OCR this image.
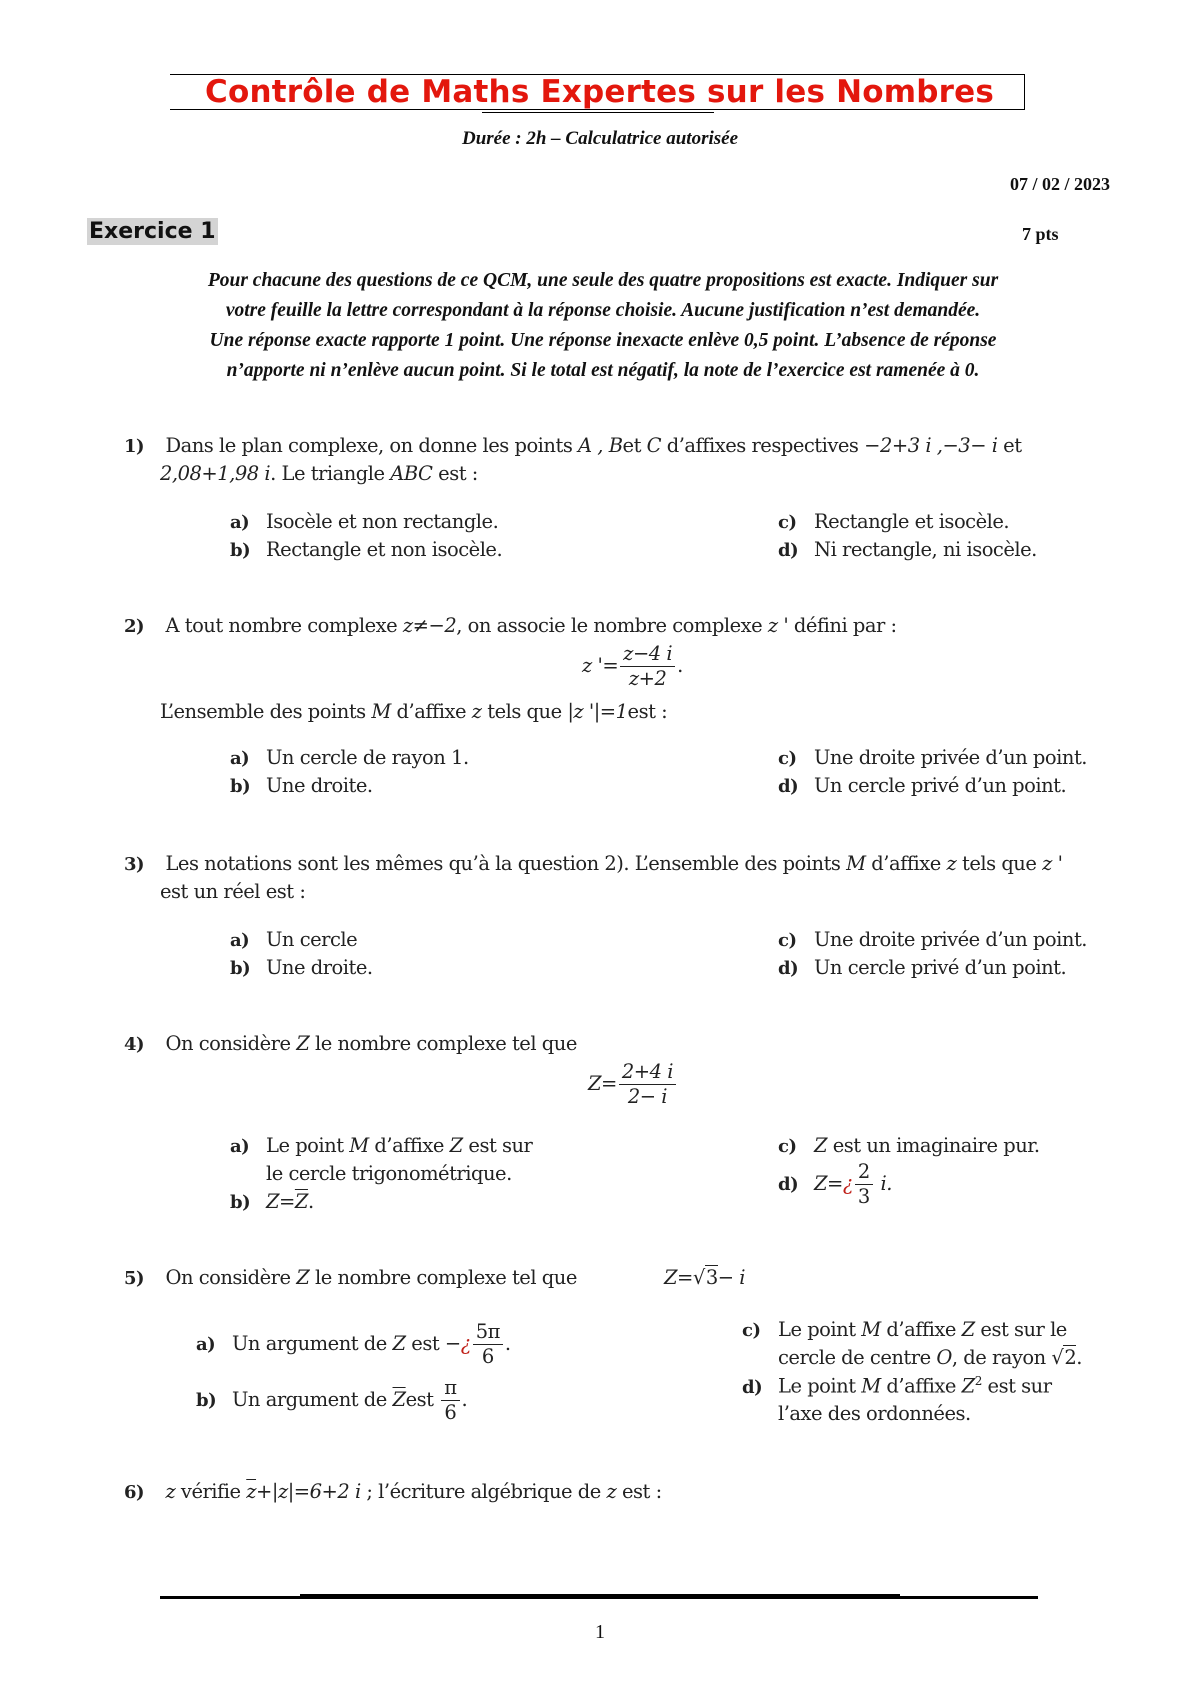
Contrôle de Maths Expertes sur les Nombres
Durée : 2h – Calculatrice autorisée
07 / 02 / 2023
Exercice 1	7 pts
Pour chacune des questions de ce QCM, une seule des quatre propositions est exacte. Indiquer sur
votre feuille la lettre correspondant à la réponse choisie. Aucune justification n’est demandée.
Une réponse exacte rapporte 1 point. Une réponse inexacte enlève 0,5 point. L’absence de réponse
n’apporte ni n’enlève aucun point. Si le total est négatif, la note de l’exercice est ramenée à 0.
1) Dans le plan complexe, on donne les points A , Bet C d’affixes respectives −2+3 i ,−3− i et
2,08+1,98 i. Le triangle ABC est :
a) Isocèle et non rectangle.
b) Rectangle et non isocèle.
c) Rectangle et isocèle.
d) Ni rectangle, ni isocèle.
2) A tout nombre complexe z≠−2, on associe le nombre complexe z ' défini par :
z '= $\frac{z-4 i}{z+2}$ .
L’ensemble des points M d’affixe z tels que |z '|=1est :
a) Un cercle de rayon 1.
b) Une droite.
c) Une droite privée d’un point.
d) Un cercle privé d’un point.
3) Les notations sont les mêmes qu’à la question 2). L’ensemble des points M d’affixe z tels que z '
est un réel est :
a) Un cercle
b) Une droite.
c) Une droite privée d’un point.
d) Un cercle privé d’un point.
4) On considère Z le nombre complexe tel que
$Z= \frac{2+4 i}{2- i}$
a) Le point M d’affixe Z est sur
le cercle trigonométrique.
b) $Z=\overline{Z}$.
c) Z est un imaginaire pur.
d) Z=¿ $\frac{2}{3} i$.
5) On considère Z le nombre complexe tel que	Z=√3− i
a) Un argument de Z est −¿ $\frac{5\pi}{6}$ .
b) Un argument de $\overline{Z}est \frac{\pi}{6}$ .
c) Le point M d’affixe Z est sur le
cercle de centre O, de rayon √2.
d) Le point M d’affixe $Z^2$ est sur
l’axe des ordonnées.
6) z vérifie $\overline{z}+|z|=6+2$ i ; l’écriture algébrique de z est :
1
